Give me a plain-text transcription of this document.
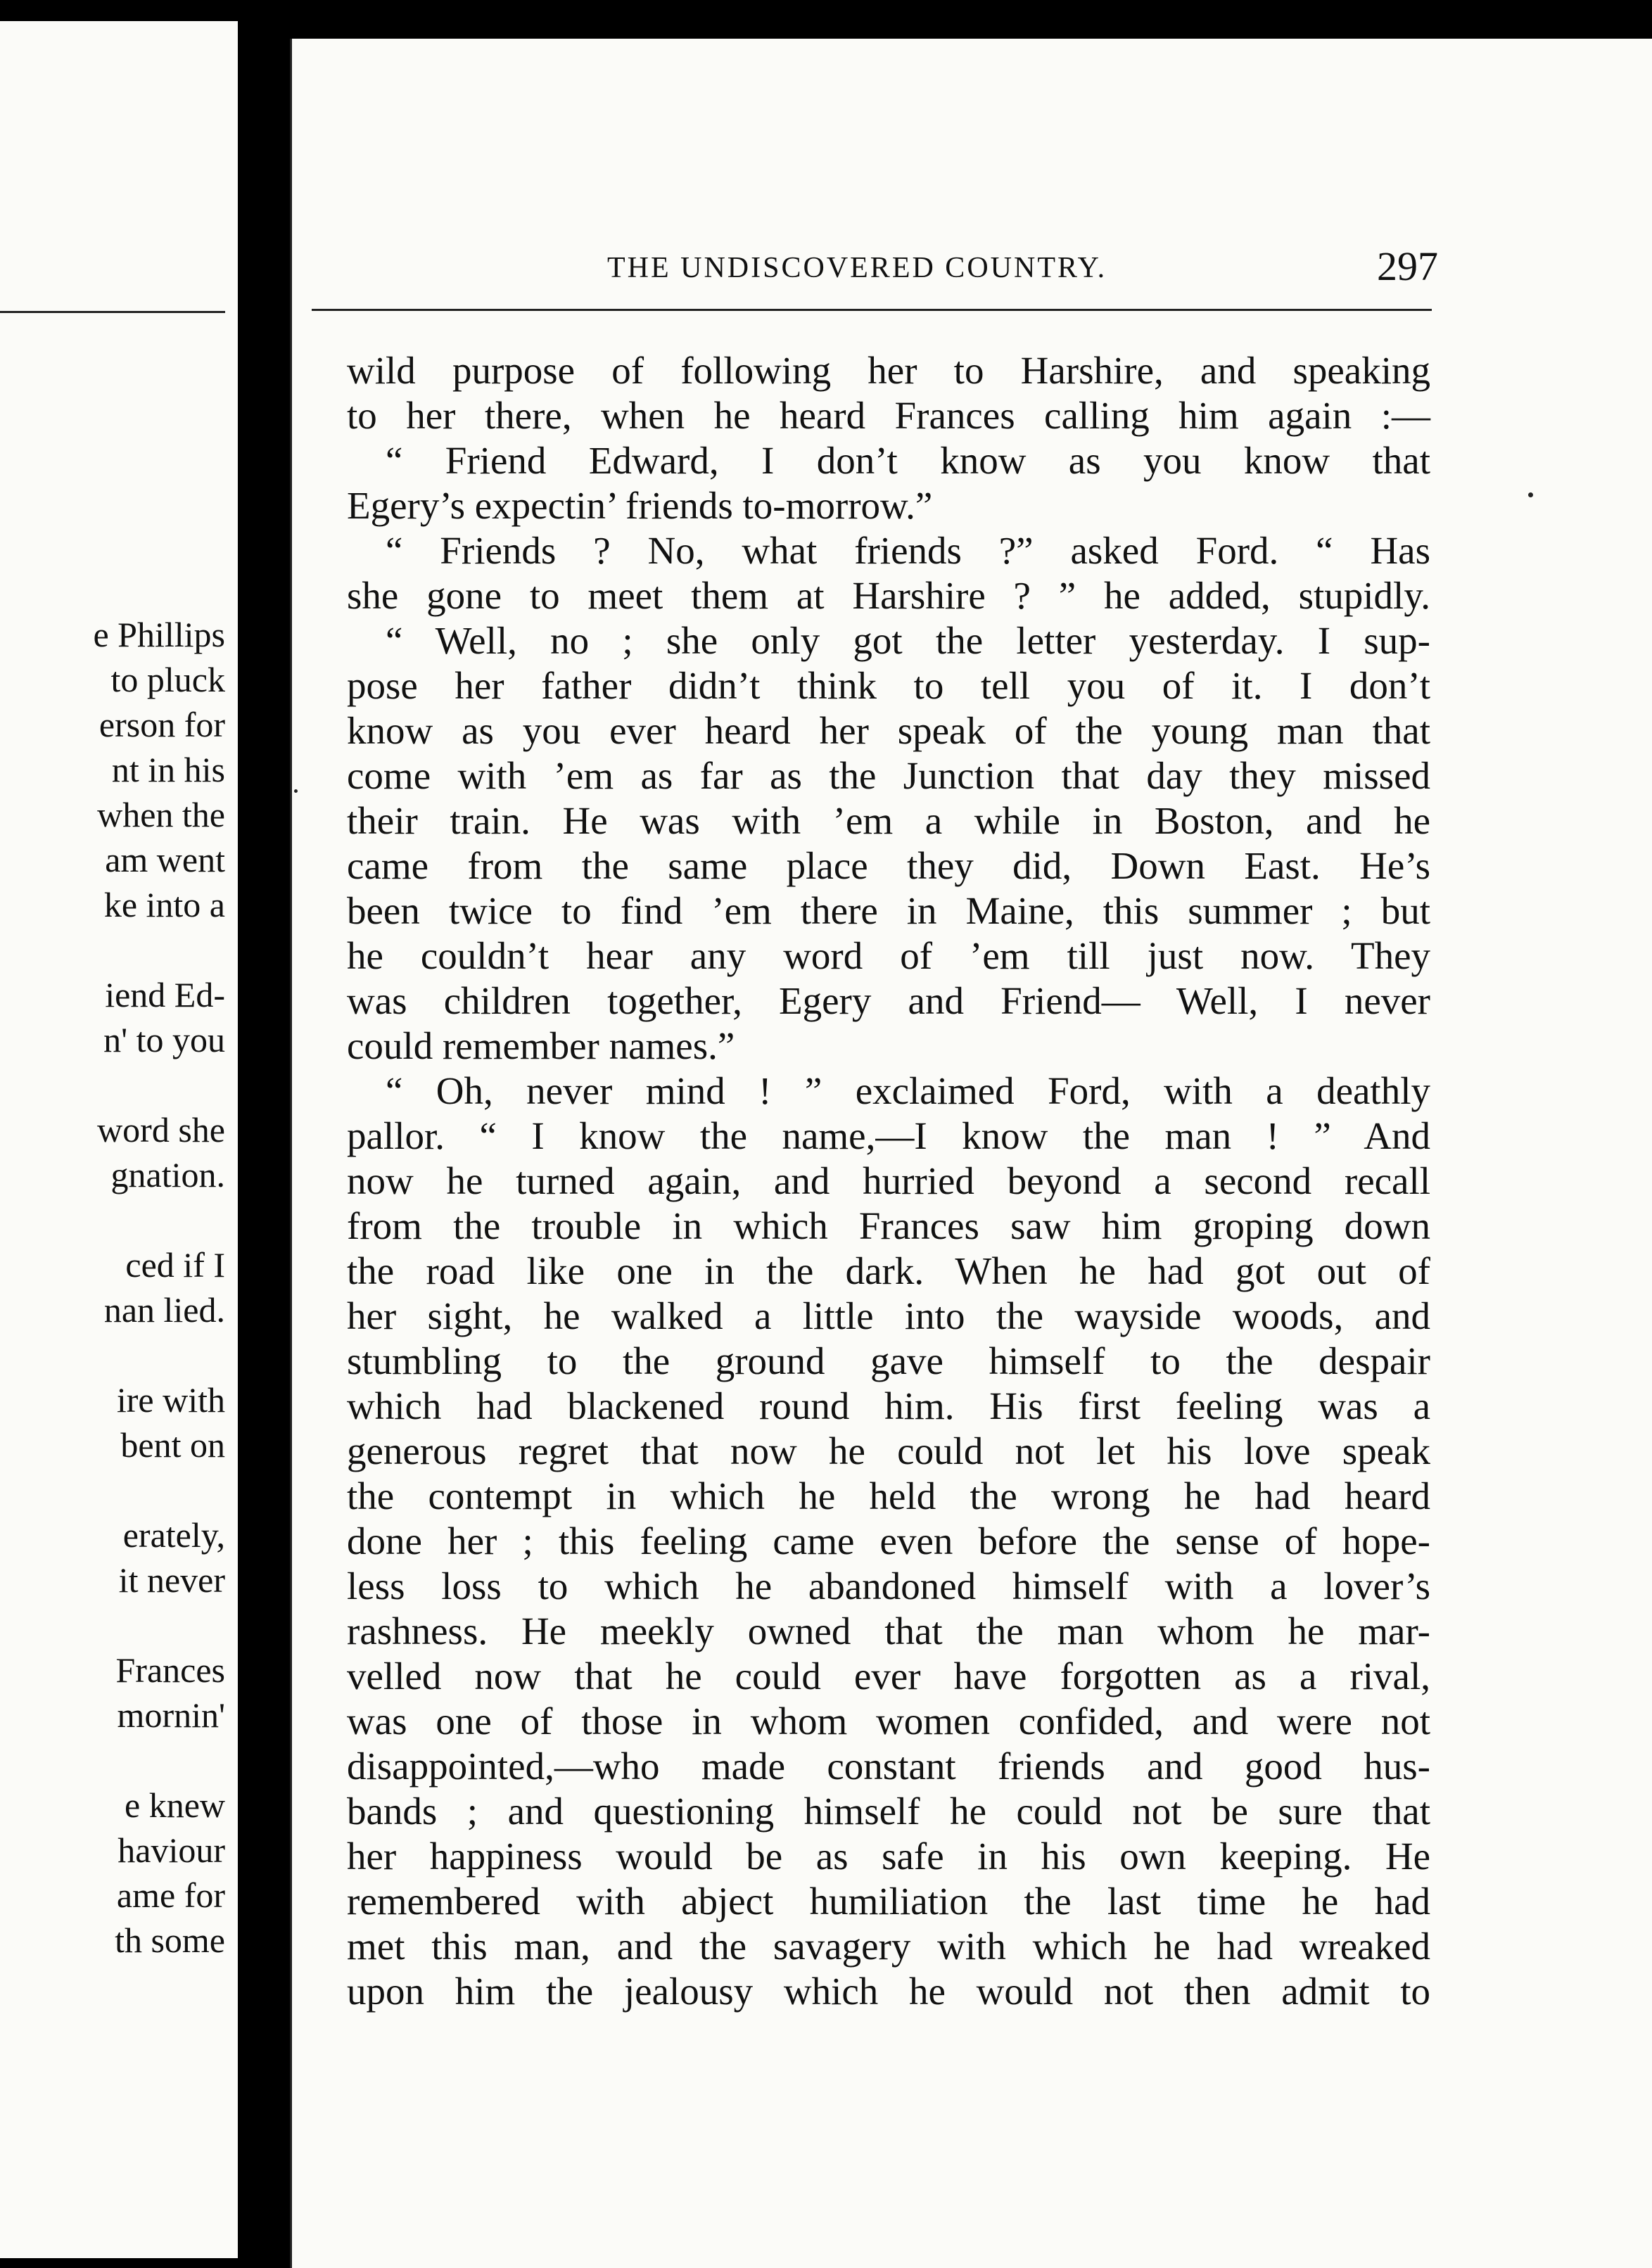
e Phillips
to pluck
erson for
nt in his
when the
am went
ke into a
iend Ed-
n' to you
word she
gnation.
ced if I
nan lied.
ire with
bent on
erately,
it never
Frances
mornin'
e knew
haviour
ame for
th some
THE UNDISCOVERED COUNTRY.	297
wild purpose of following her to Harshire, and speaking
to her there, when he heard Frances calling him again :—
 “ Friend Edward, I don’t know as you know that
Egery’s expectin’ friends to-morrow.”
 “ Friends ? No, what friends ?” asked Ford. “ Has
she gone to meet them at Harshire ? ” he added, stupidly.
 “ Well, no ; she only got the letter yesterday. I sup-
pose her father didn’t think to tell you of it. I don’t
know as you ever heard her speak of the young man that
come with ’em as far as the Junction that day they missed
their train. He was with ’em a while in Boston, and he
came from the same place they did, Down East. He’s
been twice to find ’em there in Maine, this summer ; but
he couldn’t hear any word of ’em till just now. They
was children together, Egery and Friend— Well, I never
could remember names.”
 “ Oh, never mind ! ” exclaimed Ford, with a deathly
pallor. “ I know the name,—I know the man ! ” And
now he turned again, and hurried beyond a second recall
from the trouble in which Frances saw him groping down
the road like one in the dark. When he had got out of
her sight, he walked a little into the wayside woods, and
stumbling to the ground gave himself to the despair
which had blackened round him. His first feeling was a
generous regret that now he could not let his love speak
the contempt in which he held the wrong he had heard
done her ; this feeling came even before the sense of hope-
less loss to which he abandoned himself with a lover’s
rashness. He meekly owned that the man whom he mar-
velled now that he could ever have forgotten as a rival,
was one of those in whom women confided, and were not
disappointed,—who made constant friends and good hus-
bands ; and questioning himself he could not be sure that
her happiness would be as safe in his own keeping. He
remembered with abject humiliation the last time he had
met this man, and the savagery with which he had wreaked
upon him the jealousy which he would not then admit to
